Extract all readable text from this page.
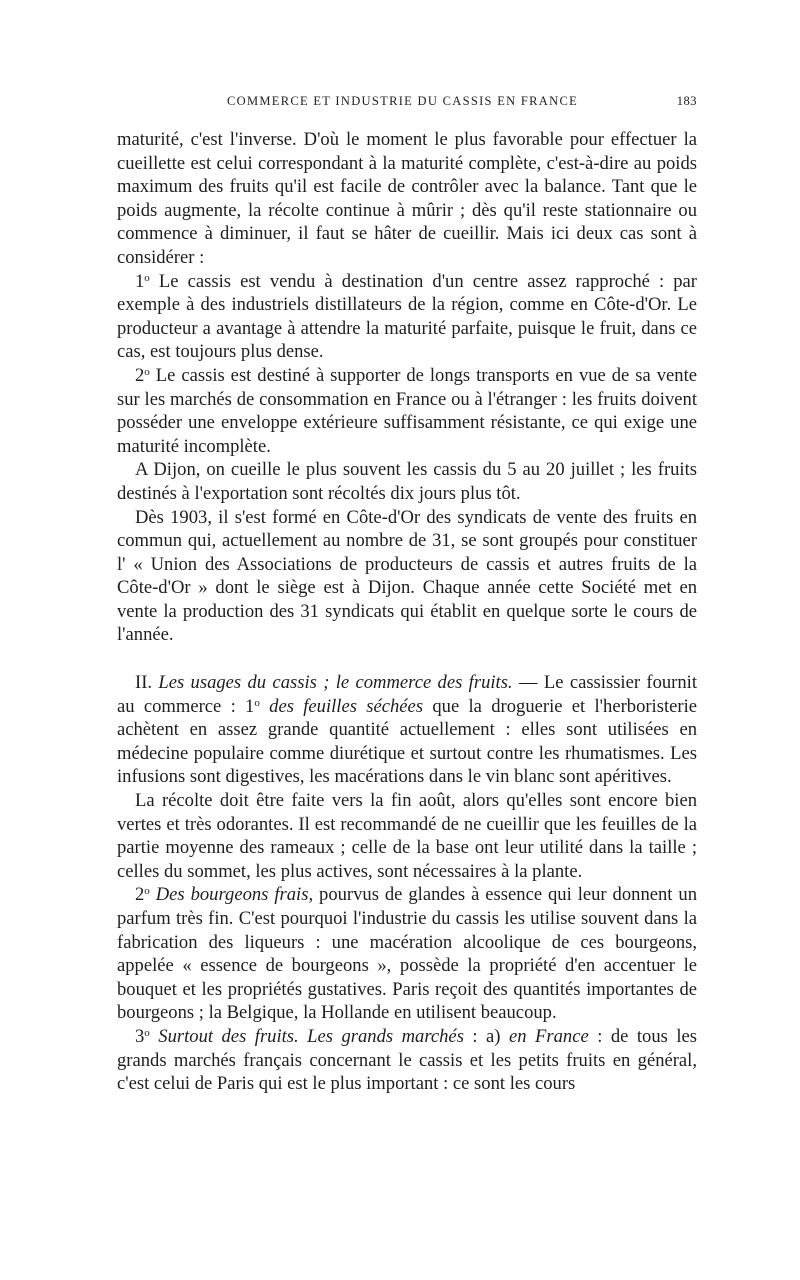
COMMERCE ET INDUSTRIE DU CASSIS EN FRANCE	183

maturité, c'est l'inverse. D'où le moment le plus favorable pour effectuer la cueillette est celui correspondant à la maturité complète, c'est-à-dire au poids maximum des fruits qu'il est facile de contrôler avec la balance. Tant que le poids augmente, la récolte continue à mûrir ; dès qu'il reste stationnaire ou commence à diminuer, il faut se hâter de cueillir. Mais ici deux cas sont à considérer :

1$^o$ Le cassis est vendu à destination d'un centre assez rapproché : par exemple à des industriels distillateurs de la région, comme en Côte-d'Or. Le producteur a avantage à attendre la maturité parfaite, puisque le fruit, dans ce cas, est toujours plus dense.

2$^o$ Le cassis est destiné à supporter de longs transports en vue de sa vente sur les marchés de consommation en France ou à l'étranger : les fruits doivent posséder une enveloppe extérieure suffisamment résistante, ce qui exige une maturité incomplète.

A Dijon, on cueille le plus souvent les cassis du 5 au 20 juillet ; les fruits destinés à l'exportation sont récoltés dix jours plus tôt.

Dès 1903, il s'est formé en Côte-d'Or des syndicats de vente des fruits en commun qui, actuellement au nombre de 31, se sont groupés pour constituer l' « Union des Associations de producteurs de cassis et autres fruits de la Côte-d'Or » dont le siège est à Dijon. Chaque année cette Société met en vente la production des 31 syndicats qui établit en quelque sorte le cours de l'année.

II. Les usages du cassis ; le commerce des fruits. — Le cassissier fournit au commerce : 1$^o$ des feuilles séchées que la droguerie et l'herboristerie achètent en assez grande quantité actuellement : elles sont utilisées en médecine populaire comme diurétique et surtout contre les rhumatismes. Les infusions sont digestives, les macérations dans le vin blanc sont apéritives.

La récolte doit être faite vers la fin août, alors qu'elles sont encore bien vertes et très odorantes. Il est recommandé de ne cueillir que les feuilles de la partie moyenne des rameaux ; celle de la base ont leur utilité dans la taille ; celles du sommet, les plus actives, sont nécessaires à la plante.

2$^o$ Des bourgeons frais, pourvus de glandes à essence qui leur donnent un parfum très fin. C'est pourquoi l'industrie du cassis les utilise souvent dans la fabrication des liqueurs : une macération alcoolique de ces bourgeons, appelée « essence de bourgeons », possède la propriété d'en accentuer le bouquet et les propriétés gustatives. Paris reçoit des quantités importantes de bourgeons ; la Belgique, la Hollande en utilisent beaucoup.

3$^o$ Surtout des fruits. Les grands marchés : a) en France : de tous les grands marchés français concernant le cassis et les petits fruits en général, c'est celui de Paris qui est le plus important : ce sont les cours
